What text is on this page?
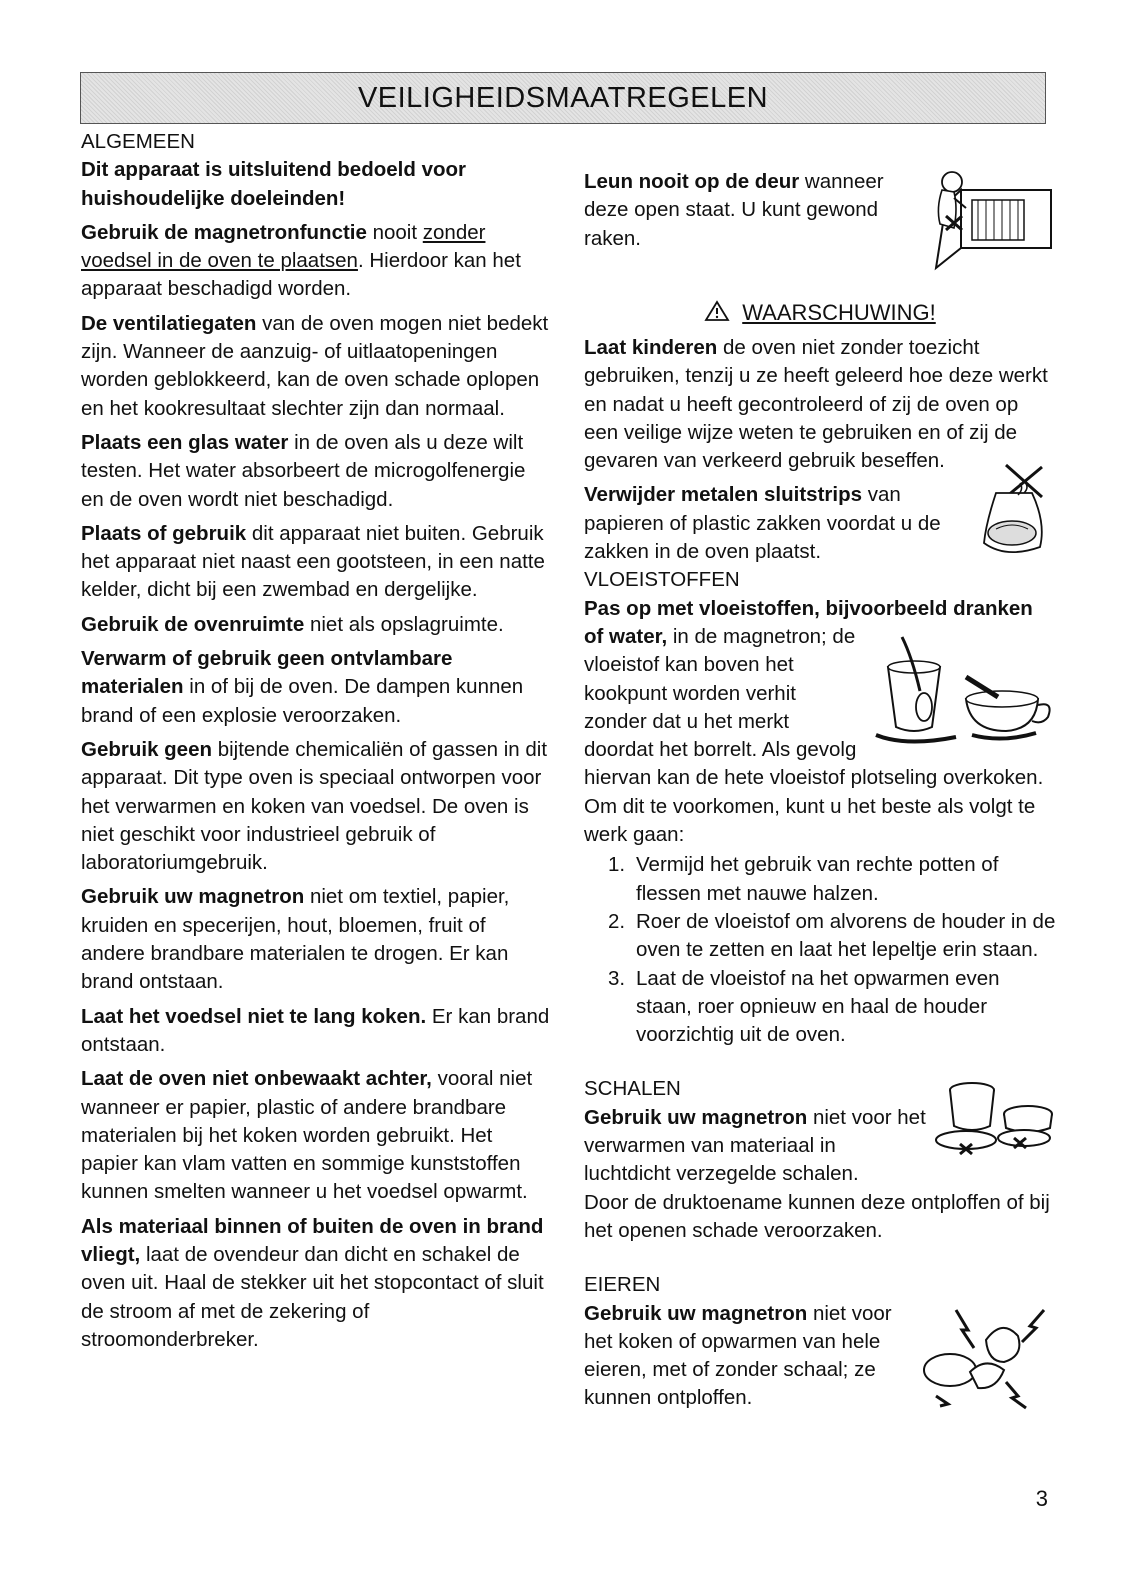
VEILIGHEIDSMAATREGELEN

ALGEMEEN

Dit apparaat is uitsluitend bedoeld voor huishoudelijke doeleinden!

Gebruik de magnetronfunctie nooit zonder voedsel in de oven te plaatsen. Hierdoor kan het apparaat beschadigd worden.

De ventilatiegaten van de oven mogen niet bedekt zijn. Wanneer de aanzuig- of uitlaatopeningen worden geblokkeerd, kan de oven schade oplopen en het kookresultaat slechter zijn dan normaal.

Plaats een glas water in de oven als u deze wilt testen. Het water absorbeert de microgolfenergie en de oven wordt niet beschadigd.

Plaats of gebruik dit apparaat niet buiten. Gebruik het apparaat niet naast een gootsteen, in een natte kelder, dicht bij een zwembad en dergelijke.

Gebruik de ovenruimte niet als opslagruimte.

Verwarm of gebruik geen ontvlambare materialen in of bij de oven. De dampen kunnen brand of een explosie veroorzaken.

Gebruik geen bijtende chemicaliën of gassen in dit apparaat. Dit type oven is speciaal ontworpen voor het verwarmen en koken van voedsel. De oven is niet geschikt voor industrieel gebruik of laboratoriumgebruik.

Gebruik uw magnetron niet om textiel, papier, kruiden en specerijen, hout, bloemen, fruit of andere brandbare materialen te drogen. Er kan brand ontstaan.

Laat het voedsel niet te lang koken. Er kan brand ontstaan.

Laat de oven niet onbewaakt achter, vooral niet wanneer er papier, plastic of andere brandbare materialen bij het koken worden gebruikt. Het papier kan vlam vatten en sommige kunststoffen kunnen smelten wanneer u het voedsel opwarmt.

Als materiaal binnen of buiten de oven in brand vliegt, laat de ovendeur dan dicht en schakel de oven uit. Haal de stekker uit het stopcontact of sluit de stroom af met de zekering of stroomonderbreker.

Leun nooit op de deur wanneer deze open staat. U kunt gewond raken.

WAARSCHUWING!

Laat kinderen de oven niet zonder toezicht gebruiken, tenzij u ze heeft geleerd hoe deze werkt en nadat u heeft gecontroleerd of zij de oven op een veilige wijze weten te gebruiken en of zij de gevaren van verkeerd gebruik beseffen.

Verwijder metalen sluitstrips van papieren of plastic zakken voordat u de zakken in de oven plaatst.

VLOEISTOFFEN

Pas op met vloeistoffen, bijvoorbeeld dranken of water,
in de magnetron; de vloeistof kan boven het kookpunt worden verhit zonder dat u het merkt doordat het borrelt. Als gevolg hiervan kan de hete vloeistof plotseling overkoken.

Om dit te voorkomen, kunt u het beste als volgt te werk gaan:

1. Vermijd het gebruik van rechte potten of flessen met nauwe halzen.
2. Roer de vloeistof om alvorens de houder in de oven te zetten en laat het lepeltje erin staan.
3. Laat de vloeistof na het opwarmen even staan, roer opnieuw en haal de houder voorzichtig uit de oven.

SCHALEN

Gebruik uw magnetron niet voor het verwarmen van materiaal in luchtdicht verzegelde schalen.

Door de druktoename kunnen deze ontploffen of bij het openen schade veroorzaken.

EIEREN

Gebruik uw magnetron niet voor het koken of opwarmen van hele eieren, met of zonder schaal; ze kunnen ontploffen.

3
